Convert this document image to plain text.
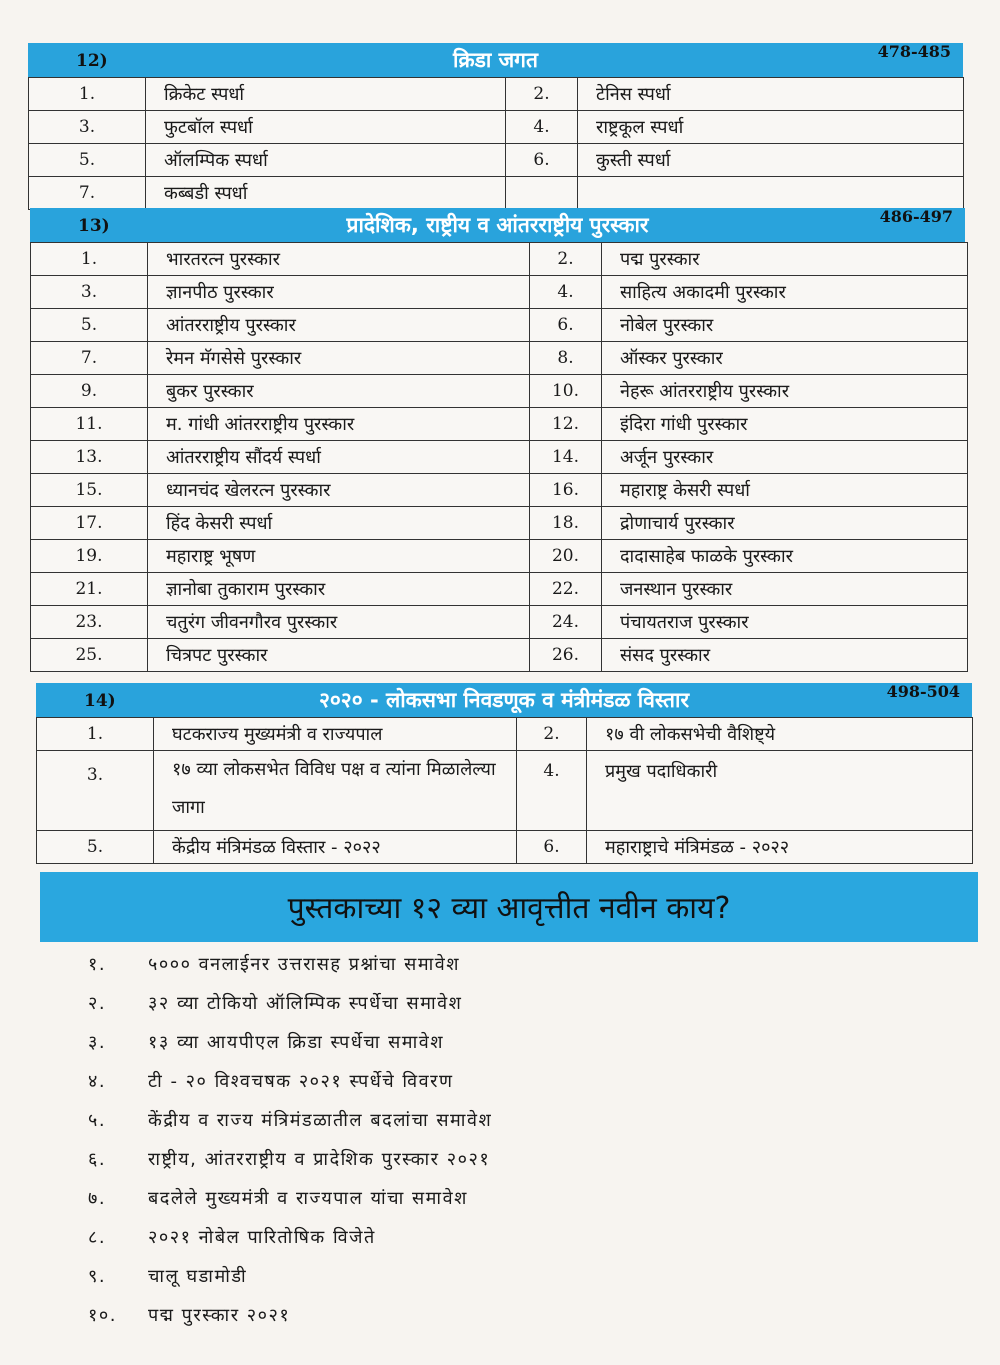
12)	क्रिडा जगत	478-485
1.	क्रिकेट स्पर्धा	2.	टेनिस स्पर्धा
3.	फुटबॉल स्पर्धा	4.	राष्ट्रकूल स्पर्धा
5.	ऑलम्पिक स्पर्धा	6.	कुस्ती स्पर्धा
7.	कब्बडी स्पर्धा		
13)	प्रादेशिक, राष्ट्रीय व आंतरराष्ट्रीय पुरस्कार	486-497
1.	भारतरत्न पुरस्कार	2.	पद्म पुरस्कार
3.	ज्ञानपीठ पुरस्कार	4.	साहित्य अकादमी पुरस्कार
5.	आंतरराष्ट्रीय पुरस्कार	6.	नोबेल पुरस्कार
7.	रेमन मॅगसेसे पुरस्कार	8.	ऑस्कर पुरस्कार
9.	बुकर पुरस्कार	10.	नेहरू आंतरराष्ट्रीय पुरस्कार
11.	म. गांधी आंतरराष्ट्रीय पुरस्कार	12.	इंदिरा गांधी पुरस्कार
13.	आंतरराष्ट्रीय सौंदर्य स्पर्धा	14.	अर्जून पुरस्कार
15.	ध्यानचंद खेलरत्न पुरस्कार	16.	महाराष्ट्र केसरी स्पर्धा
17.	हिंद केसरी स्पर्धा	18.	द्रोणाचार्य पुरस्कार
19.	महाराष्ट्र भूषण	20.	दादासाहेब फाळके पुरस्कार
21.	ज्ञानोबा तुकाराम पुरस्कार	22.	जनस्थान पुरस्कार
23.	चतुरंग जीवनगौरव पुरस्कार	24.	पंचायतराज पुरस्कार
25.	चित्रपट पुरस्कार	26.	संसद पुरस्कार
14)	२०२० - लोकसभा निवडणूक व मंत्रीमंडळ विस्तार	498-504
1.	घटकराज्य मुख्यमंत्री व राज्यपाल	2.	१७ वी लोकसभेची वैशिष्ट्ये
3.	१७ व्या लोकसभेत विविध पक्ष व त्यांना मिळालेल्या जागा	4.	प्रमुख पदाधिकारी
5.	केंद्रीय मंत्रिमंडळ विस्तार - २०२२	6.	महाराष्ट्राचे मंत्रिमंडळ - २०२२
पुस्तकाच्या १२ व्या आवृत्तीत नवीन काय?
१. ५००० वनलाईनर उत्तरासह प्रश्नांचा समावेश
२. ३२ व्या टोकियो ऑलिम्पिक स्पर्धेचा समावेश
३. १३ व्या आयपीएल क्रिडा स्पर्धेचा समावेश
४. टी - २० विश्वचषक २०२१ स्पर्धेचे विवरण
५. केंद्रीय व राज्य मंत्रिमंडळातील बदलांचा समावेश
६. राष्ट्रीय, आंतरराष्ट्रीय व प्रादेशिक पुरस्कार २०२१
७. बदलेले मुख्यमंत्री व राज्यपाल यांचा समावेश
८. २०२१ नोबेल पारितोषिक विजेते
९. चालू घडामोडी
१०. पद्म पुरस्कार २०२१
